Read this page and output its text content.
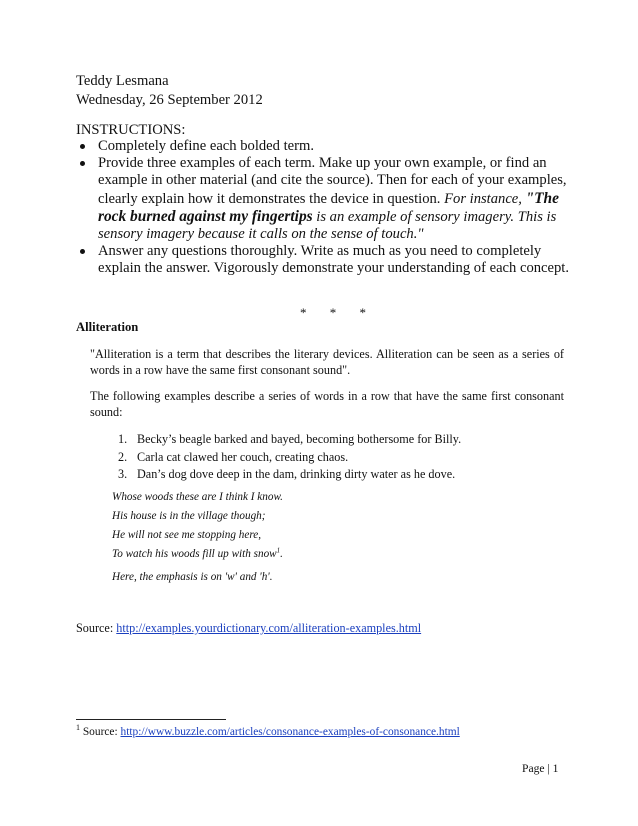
Teddy Lesmana
Wednesday, 26 September 2012
INSTRUCTIONS:

Completely define each bolded term.

Provide three examples of each term. Make up your own example, or find an example in other material (and cite the source). Then for each of your examples, clearly explain how it demonstrates the device in question. For instance, "The rock burned against my fingertips is an example of sensory imagery. This is sensory imagery because it calls on the sense of touch."

Answer any questions thoroughly. Write as much as you need to completely explain the answer. Vigorously demonstrate your understanding of each concept.

* * *
Alliteration

"Alliteration is a term that describes the literary devices. Alliteration can be seen as a series of words in a row have the same first consonant sound".

The following examples describe a series of words in a row that have the same first consonant sound:

1. Becky’s beagle barked and bayed, becoming bothersome for Billy.
2. Carla cat clawed her couch, creating chaos.
3. Dan’s dog dove deep in the dam, drinking dirty water as he dove.
Whose woods these are I think I know.
His house is in the village though;
He will not see me stopping here,
To watch his woods fill up with snow$^1$.
Here, the emphasis is on 'w' and 'h'.
Source: http://examples.yourdictionary.com/alliteration-examples.html
$^1$ Source: http://www.buzzle.com/articles/consonance-examples-of-consonance.html
Page | 1
